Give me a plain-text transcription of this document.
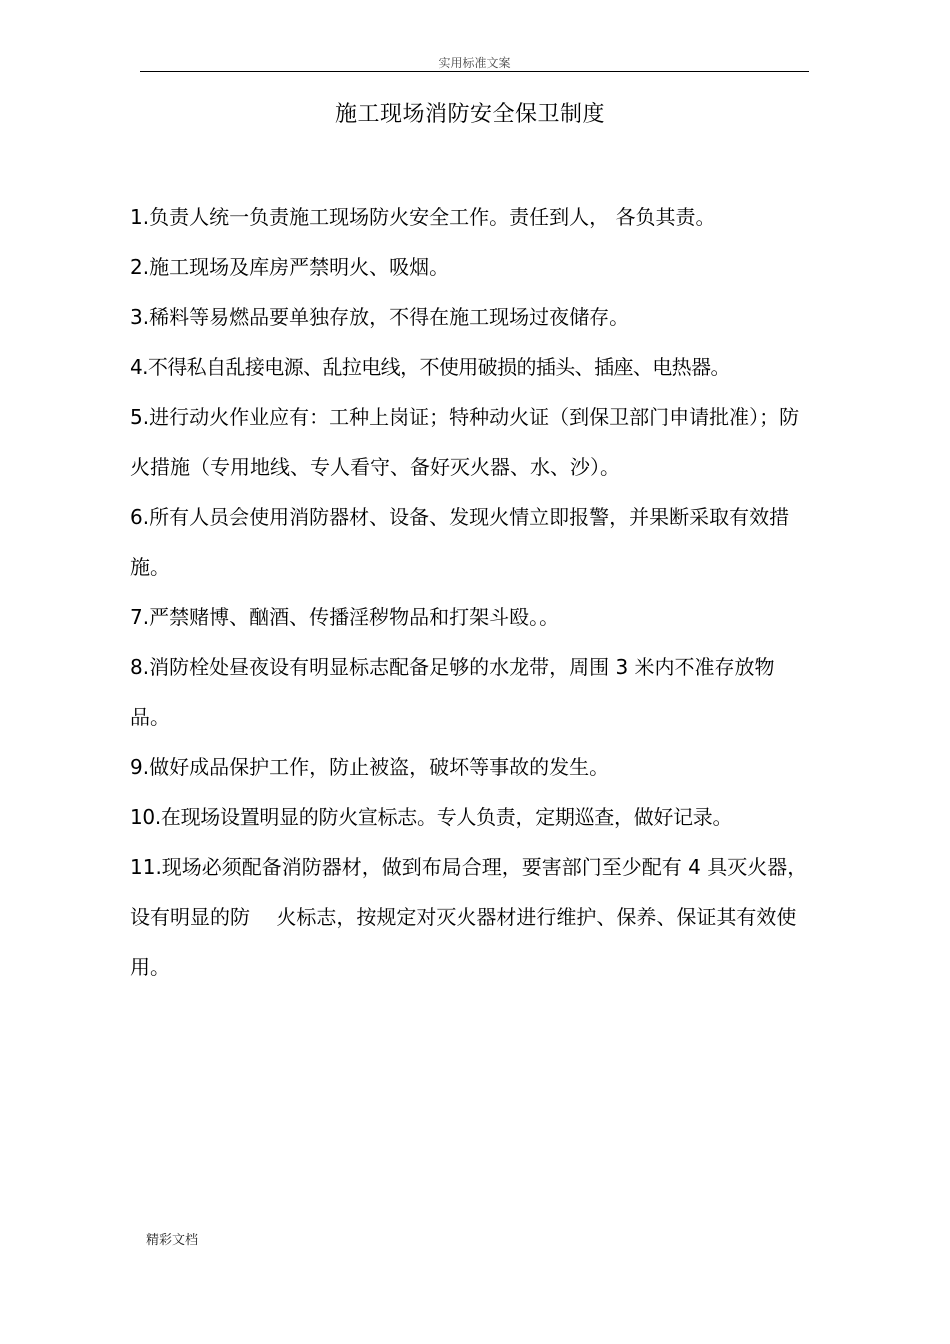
实用标准文案
施工现场消防安全保卫制度

1.负责人统一负责施工现场防火安全工作。责任到人， 各负其责。

2.施工现场及库房严禁明火、吸烟。

3.稀料等易燃品要单独存放，不得在施工现场过夜储存。

4.不得私自乱接电源、乱拉电线，不使用破损的插头、插座、电热器。

5.进行动火作业应有：工种上岗证；特种动火证（到保卫部门申请批准）；防火措施（专用地线、专人看守、备好灭火器、水、沙）。

6.所有人员会使用消防器材、设备、发现火情立即报警，并果断采取有效措施。

7.严禁赌博、酗酒、传播淫秽物品和打架斗殴。。

8.消防栓处昼夜设有明显标志配备足够的水龙带，周围 3 米内不准存放物品。

9.做好成品保护工作，防止被盗，破坏等事故的发生。

10.在现场设置明显的防火宣标志。专人负责，定期巡查，做好记录。

11.现场必须配备消防器材，做到布局合理，要害部门至少配有 4 具灭火器，设有明显的防　 火标志，按规定对灭火器材进行维护、保养、保证其有效使用。

精彩文档
